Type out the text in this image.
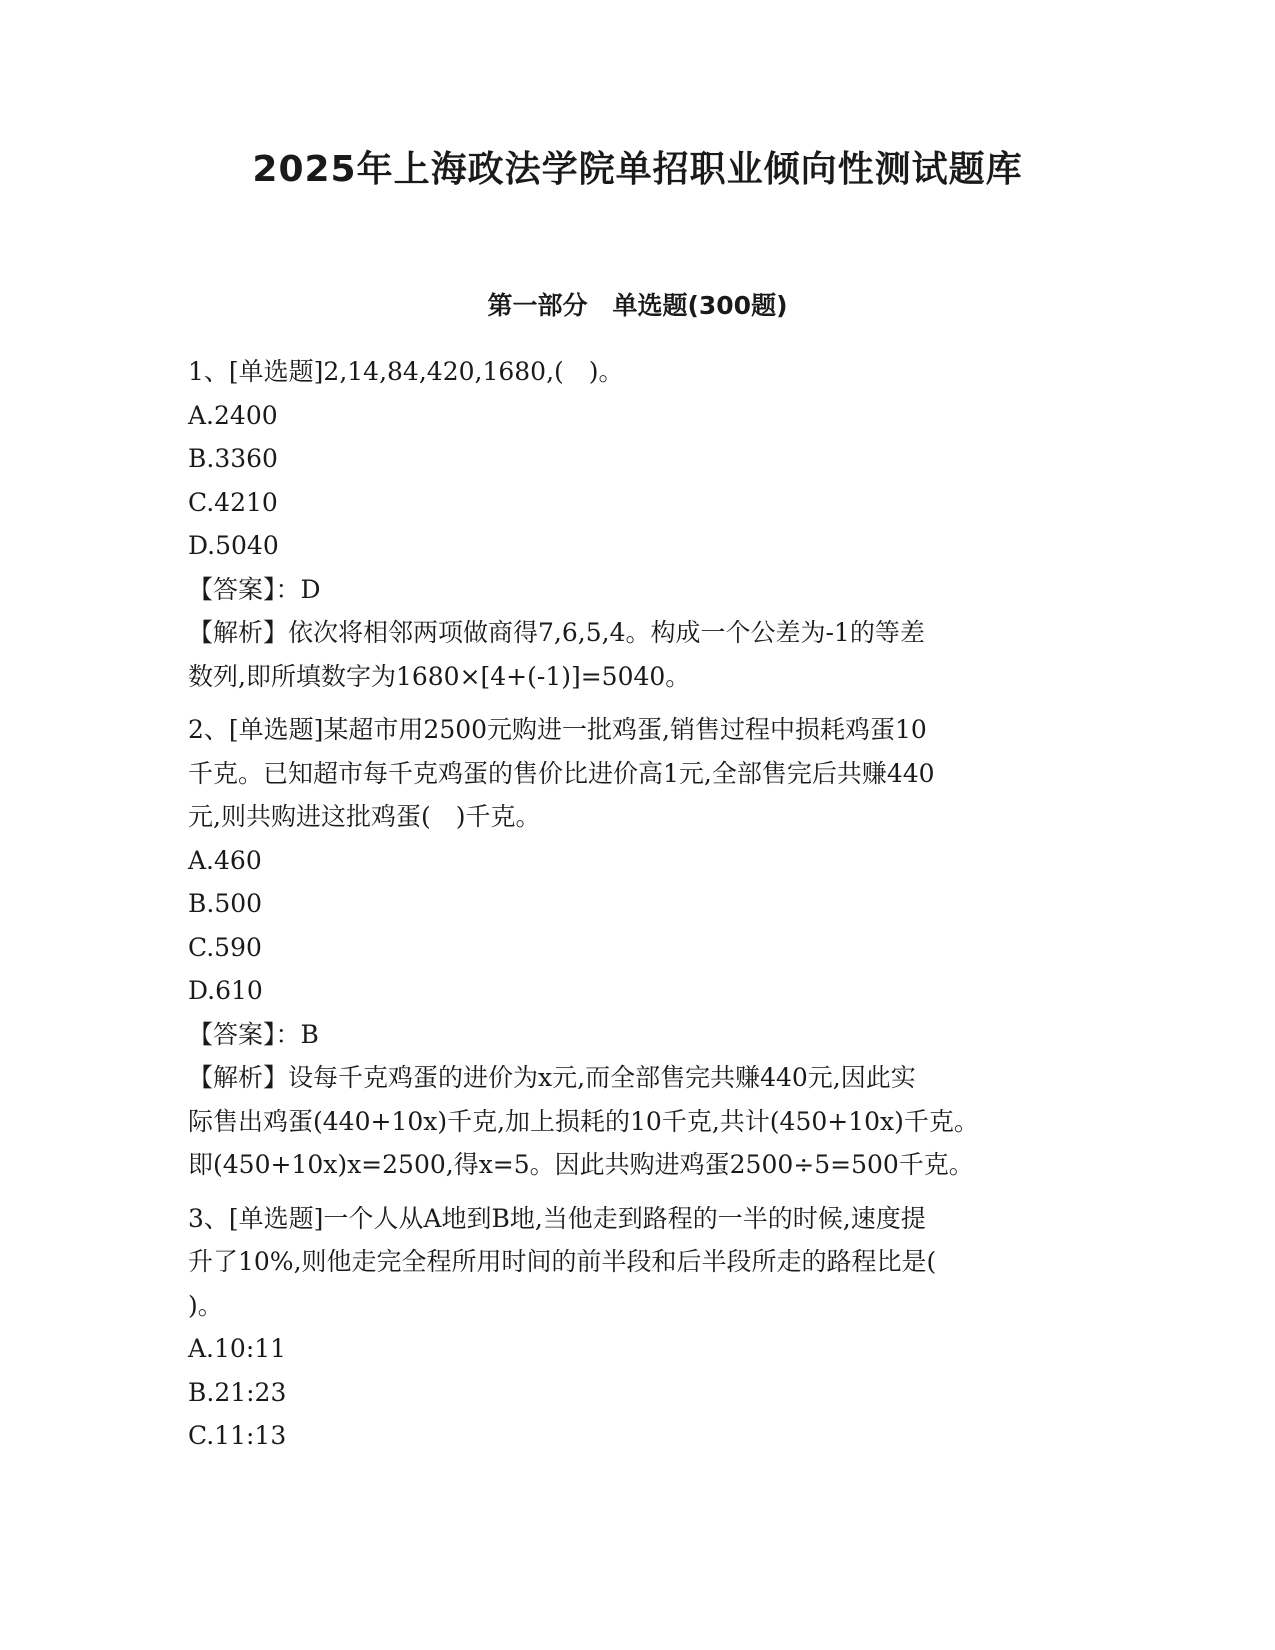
2025年上海政法学院单招职业倾向性测试题库
第一部分　单选题(300题)

1、[单选题]2,14,84,420,1680,(　)。

A.2400

B.3360

C.4210

D.5040

【答案】：D

【解析】依次将相邻两项做商得7,6,5,4。构成一个公差为-1的等差

数列,即所填数字为1680×[4+(-1)]=5040。

2、[单选题]某超市用2500元购进一批鸡蛋,销售过程中损耗鸡蛋10

千克。已知超市每千克鸡蛋的售价比进价高1元,全部售完后共赚440

元,则共购进这批鸡蛋(　)千克。

A.460

B.500

C.590

D.610

【答案】：B

【解析】设每千克鸡蛋的进价为x元,而全部售完共赚440元,因此实

际售出鸡蛋(440+10x)千克,加上损耗的10千克,共计(450+10x)千克。

即(450+10x)x=2500,得x=5。因此共购进鸡蛋2500÷5=500千克。

3、[单选题]一个人从A地到B地,当他走到路程的一半的时候,速度提

升了10%,则他走完全程所用时间的前半段和后半段所走的路程比是(

)。

A.10:11

B.21:23

C.11:13
